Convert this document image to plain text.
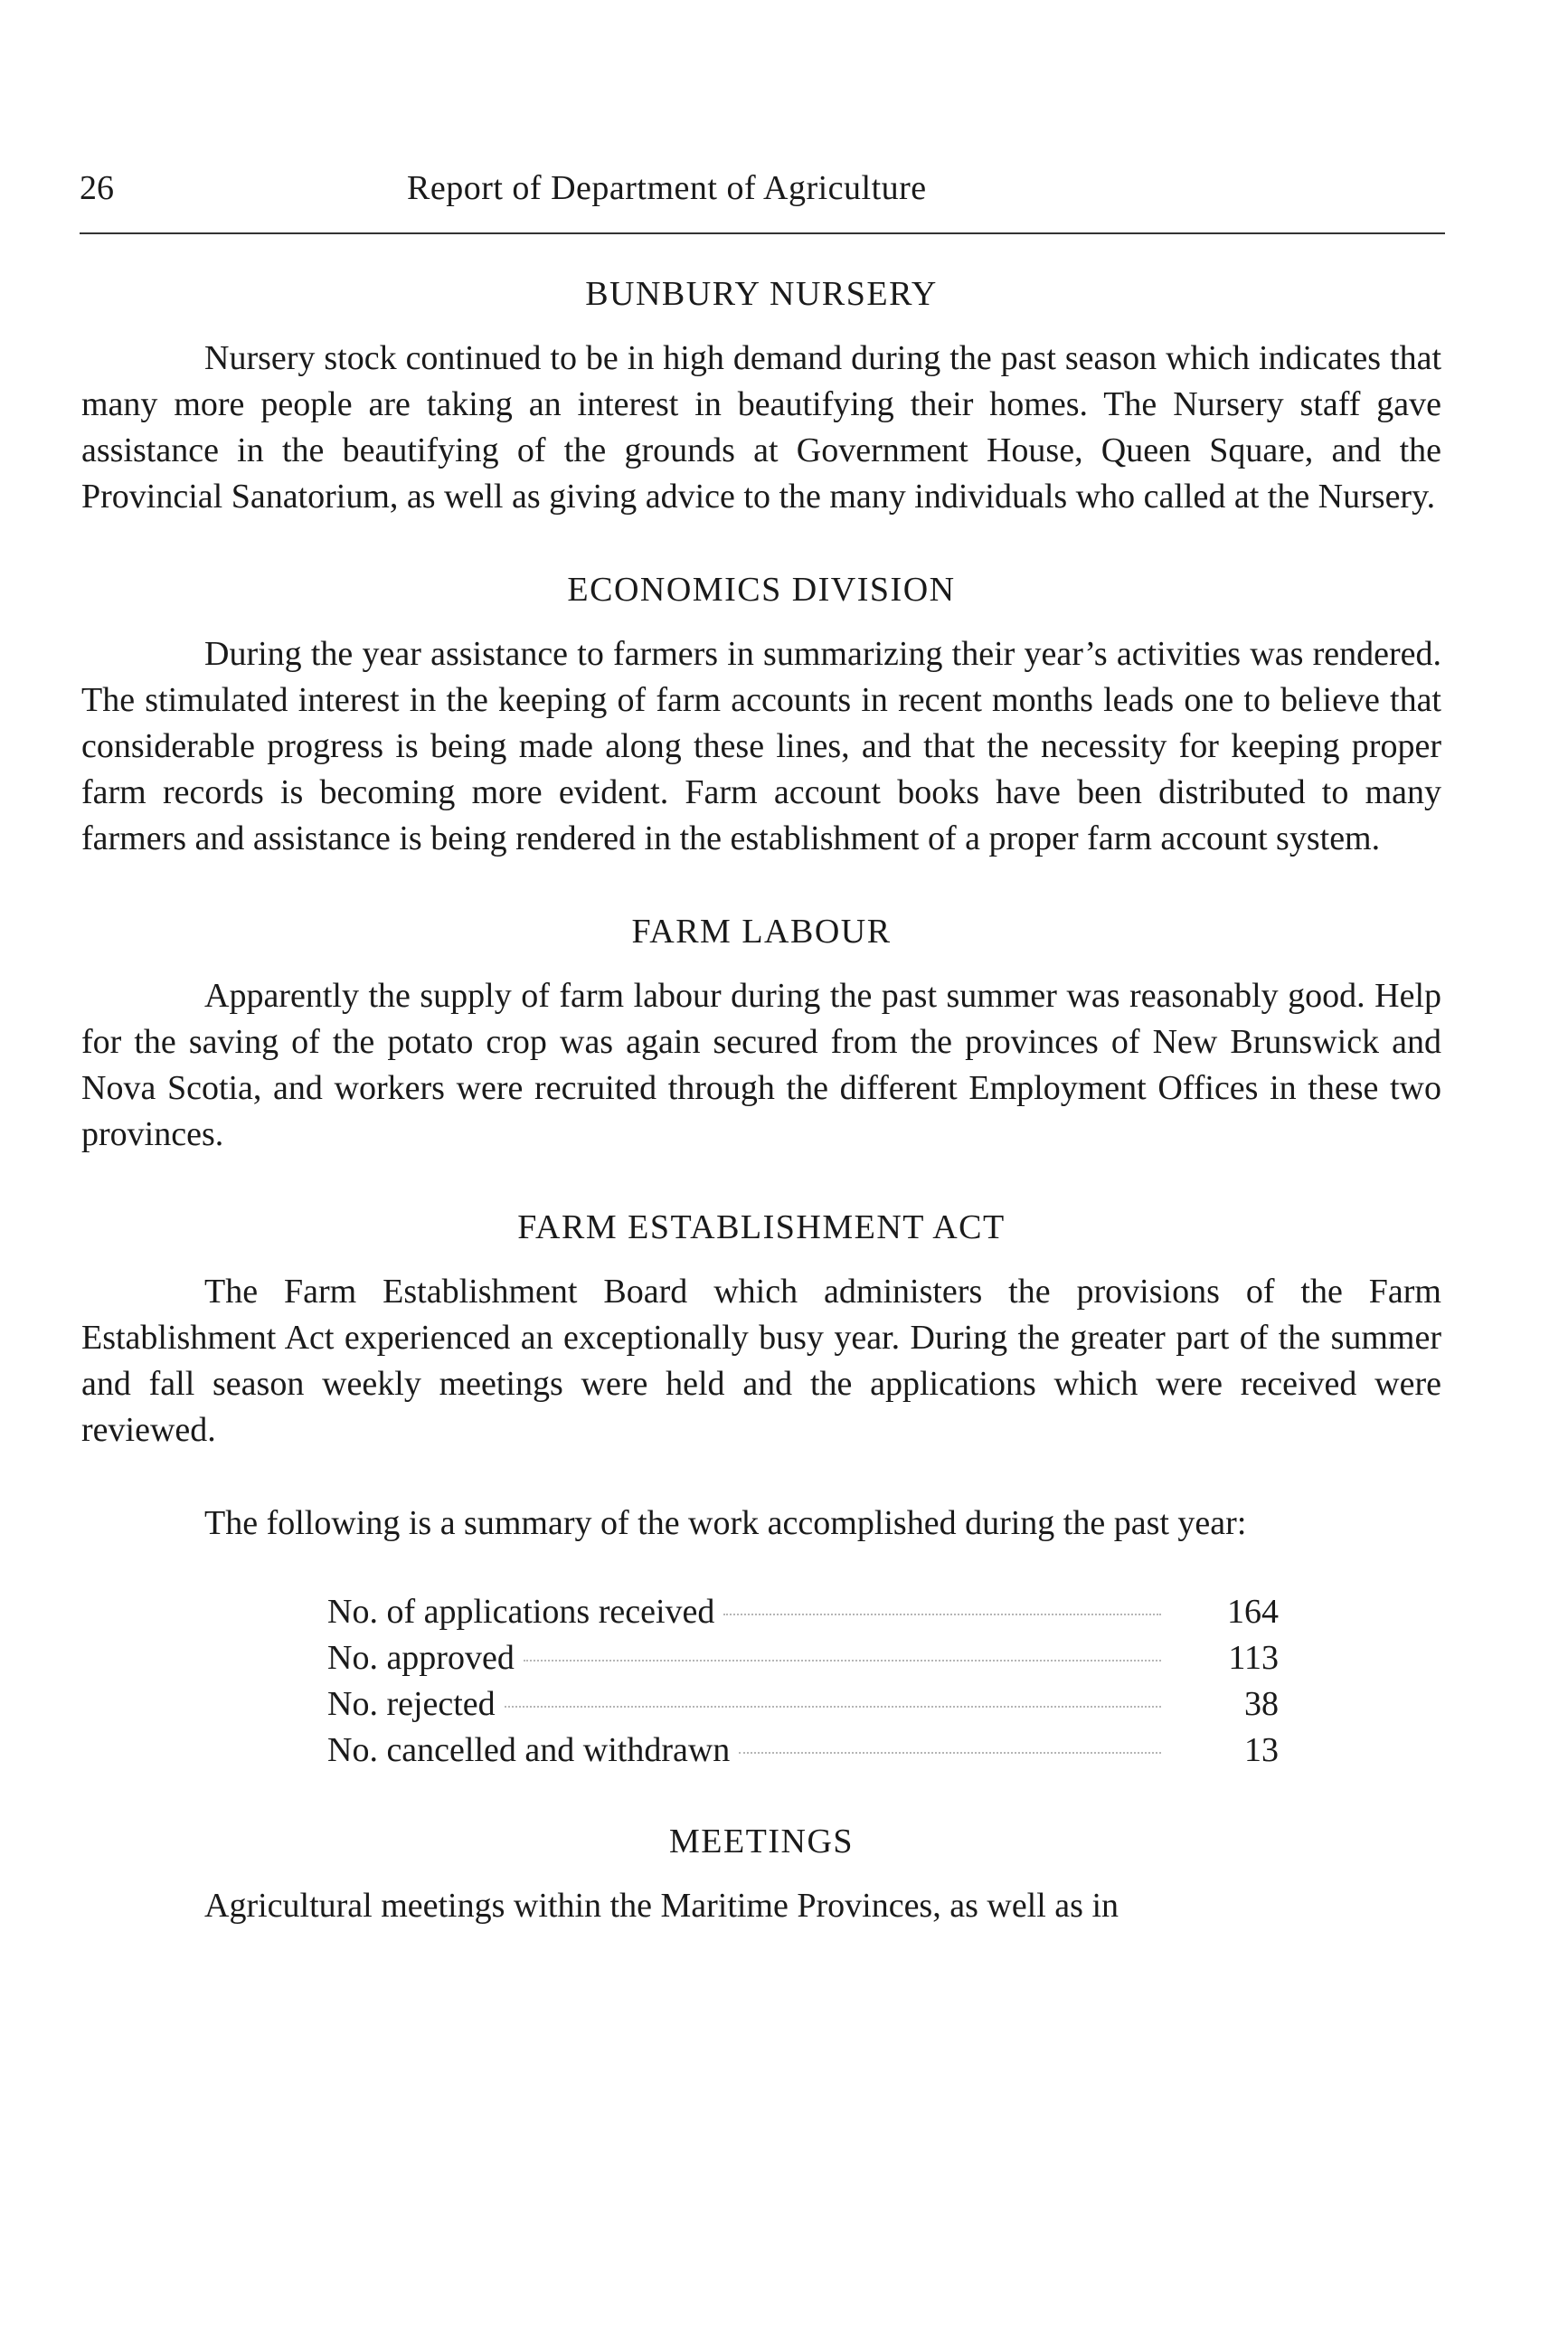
26	Report of Department of Agriculture
BUNBURY NURSERY

Nursery stock continued to be in high demand during the past season which indicates that many more people are taking an interest in beautifying their homes. The Nursery staff gave assistance in the beautifying of the grounds at Government House, Queen Square, and the Provincial Sanatorium, as well as giving advice to the many individuals who called at the Nursery.

ECONOMICS DIVISION

During the year assistance to farmers in summarizing their year’s activities was rendered. The stimulated interest in the keeping of farm accounts in recent months leads one to believe that considerable progress is being made along these lines, and that the necessity for keeping proper farm records is becoming more evident. Farm account books have been distributed to many farmers and assistance is being rendered in the establishment of a proper farm account system.

FARM LABOUR

Apparently the supply of farm labour during the past summer was reasonably good. Help for the saving of the potato crop was again secured from the provinces of New Brunswick and Nova Scotia, and workers were recruited through the different Employment Offices in these two provinces.

FARM ESTABLISHMENT ACT

The Farm Establishment Board which administers the provisions of the Farm Establishment Act experienced an exceptionally busy year. During the greater part of the summer and fall season weekly meetings were held and the applications which were received were reviewed.

The following is a summary of the work accomplished during the past year:

No. of applications received	164
No. approved	113
No. rejected	38
No. cancelled and withdrawn	13
MEETINGS

Agricultural meetings within the Maritime Provinces, as well as in
